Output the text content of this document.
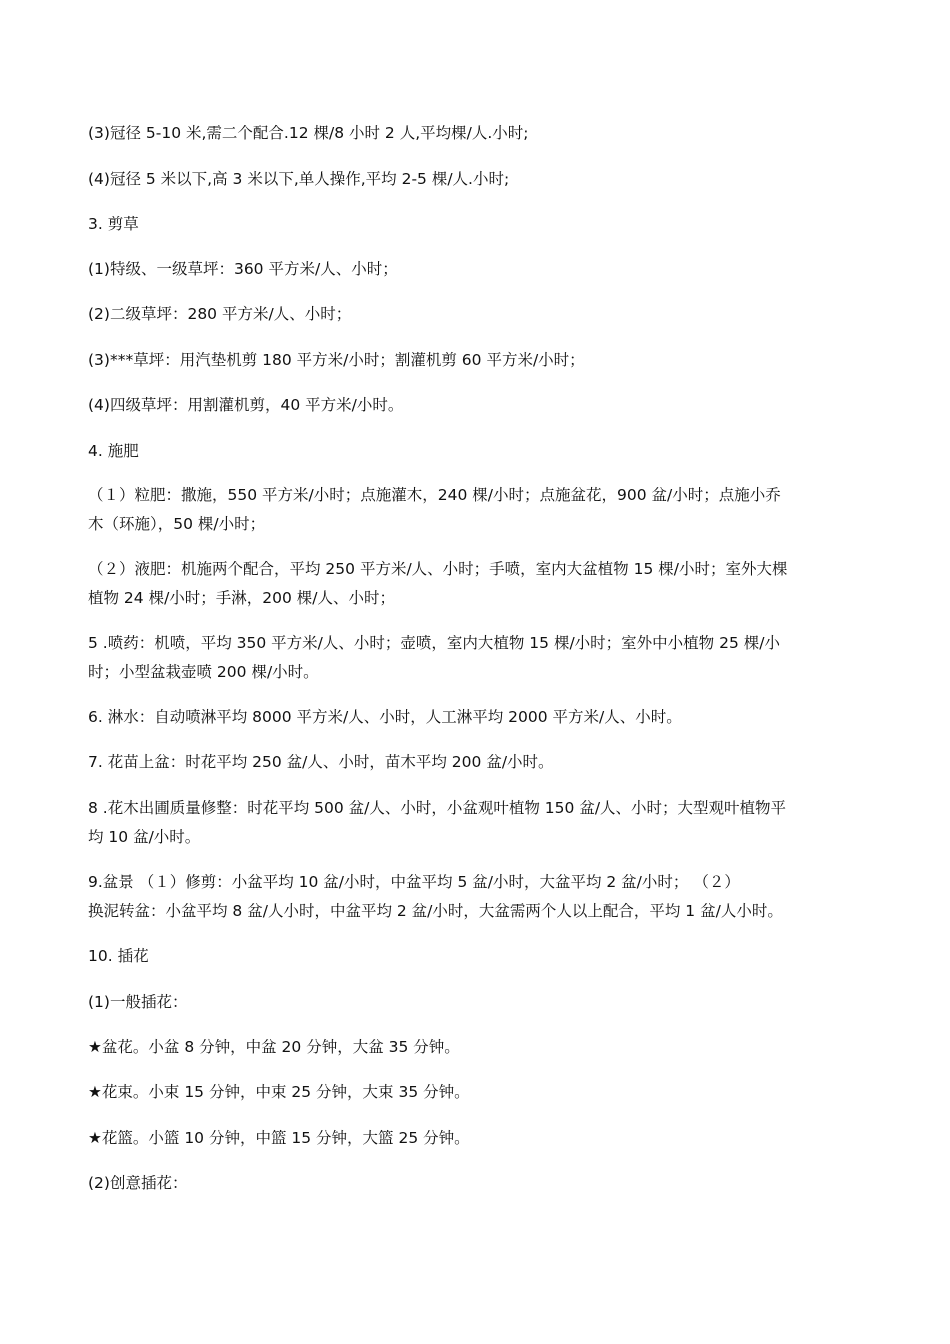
(3)冠径 5-10 米,需二个配合.12 棵/8 小时 2 人,平均棵/人.小时;
(4)冠径 5 米以下,高 3 米以下,单人操作,平均 2-5 棵/人.小时;
3. 剪草
(1)特级、一级草坪：360 平方米/人、小时；
(2)二级草坪：280 平方米/人、小时；
(3)***草坪：用汽垫机剪 180 平方米/小时；割灌机剪 60 平方米/小时；
(4)四级草坪：用割灌机剪，40 平方米/小时。
4. 施肥
（１）粒肥：撒施，550 平方米/小时；点施灌木，240 棵/小时；点施盆花，900 盆/小时；点施小乔
木（环施），50 棵/小时；
（２）液肥：机施两个配合，平均 250 平方米/人、小时；手喷，室内大盆植物 15 棵/小时；室外大棵
植物 24 棵/小时；手淋，200 棵/人、小时；
5 .喷药：机喷，平均 350 平方米/人、小时；壶喷，室内大植物 15 棵/小时；室外中小植物 25 棵/小
时；小型盆栽壶喷 200 棵/小时。
6. 淋水：自动喷淋平均 8000 平方米/人、小时，人工淋平均 2000 平方米/人、小时。
7. 花苗上盆：时花平均 250 盆/人、小时，苗木平均 200 盆/小时。
8 .花木出圃质量修整：时花平均 500 盆/人、小时，小盆观叶植物 150 盆/人、小时；大型观叶植物平
均 10 盆/小时。
9.盆景 （１）修剪：小盆平均 10 盆/小时，中盆平均 5 盆/小时，大盆平均 2 盆/小时； （２）
换泥转盆：小盆平均 8 盆/人小时，中盆平均 2 盆/小时，大盆需两个人以上配合，平均 1 盆/人小时。
10. 插花
(1)一般插花：
★盆花。小盆 8 分钟，中盆 20 分钟，大盆 35 分钟。
★花束。小束 15 分钟，中束 25 分钟，大束 35 分钟。
★花篮。小篮 10 分钟，中篮 15 分钟，大篮 25 分钟。
(2)创意插花：
